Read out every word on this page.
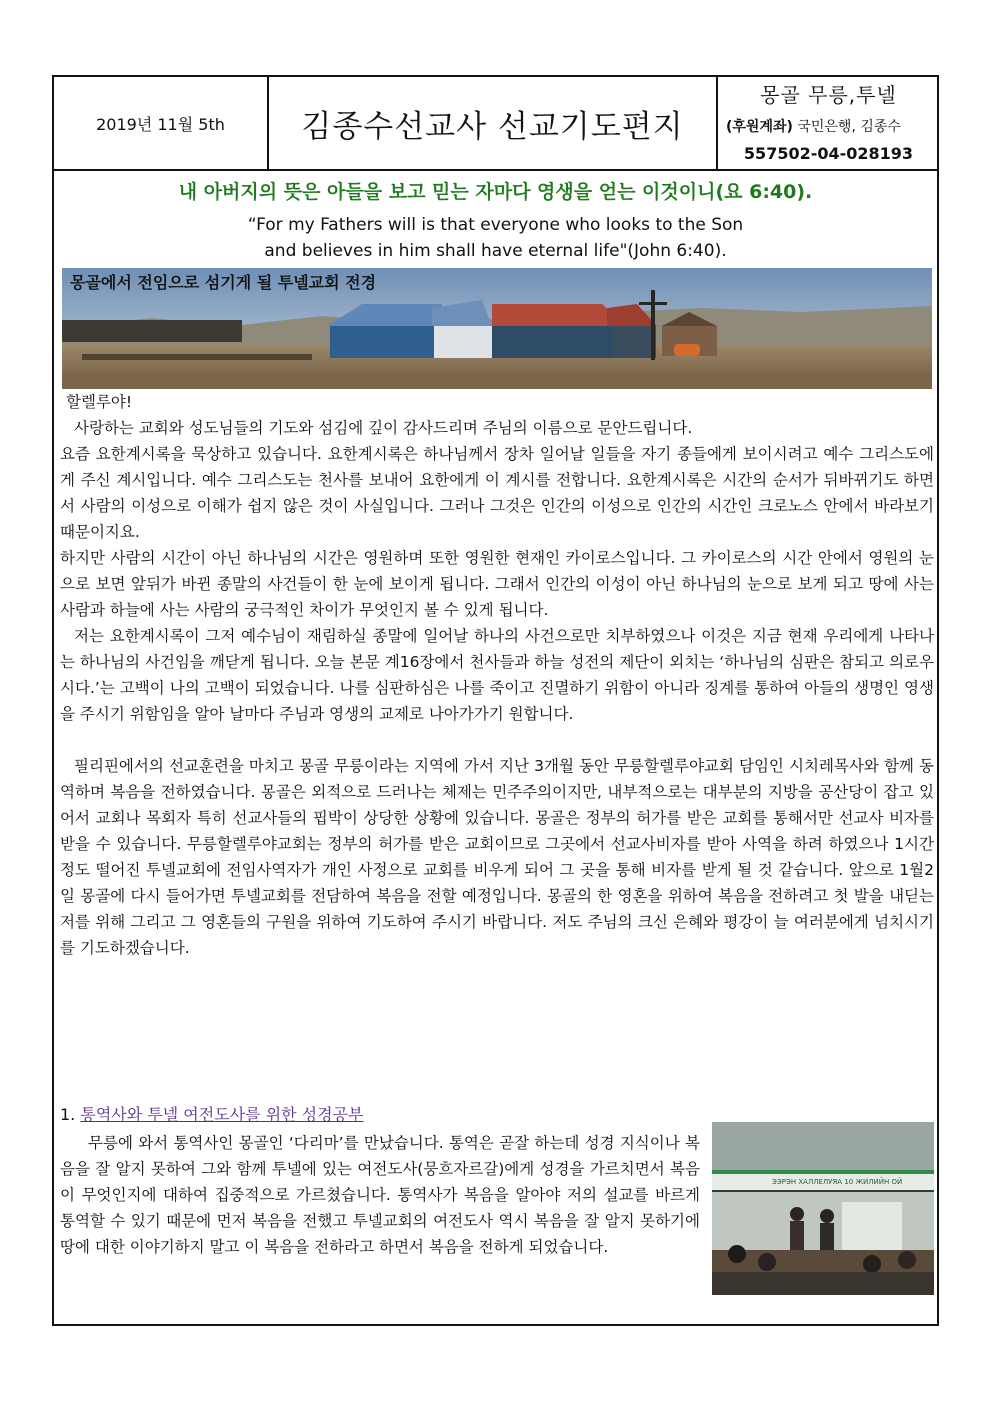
2019년 11월 5th	김종수선교사 선교기도편지
몽골 무릉,투넬
(후원계좌) 국민은행, 김종수
557502-04-028193
내 아버지의 뜻은 아들을 보고 믿는 자마다 영생을 얻는 이것이니(요 6:40).
“For my Fathers will is that everyone who looks to the Son
and believes in him shall have eternal life"(John 6:40).
몽골에서 전임으로 섬기게 될 투넬교회 전경

할렐루야!

사랑하는 교회와 성도님들의 기도와 섬김에 깊이 감사드리며 주님의 이름으로 문안드립니다.

요즘 요한계시록을 묵상하고 있습니다. 요한계시록은 하나님께서 장차 일어날 일들을 자기 종들에게 보이시려고 예수 그리스도에게 주신 계시입니다. 예수 그리스도는 천사를 보내어 요한에게 이 계시를 전합니다. 요한계시록은 시간의 순서가 뒤바뀌기도 하면서 사람의 이성으로 이해가 쉽지 않은 것이 사실입니다. 그러나 그것은 인간의 이성으로 인간의 시간인 크로노스 안에서 바라보기 때문이지요.

하지만 사람의 시간이 아닌 하나님의 시간은 영원하며 또한 영원한 현재인 카이로스입니다. 그 카이로스의 시간 안에서 영원의 눈으로 보면 앞뒤가 바뀐 종말의 사건들이 한 눈에 보이게 됩니다. 그래서 인간의 이성이 아닌 하나님의 눈으로 보게 되고 땅에 사는 사람과 하늘에 사는 사람의 궁극적인 차이가 무엇인지 볼 수 있게 됩니다.

저는 요한계시록이 그저 예수님이 재림하실 종말에 일어날 하나의 사건으로만 치부하였으나 이것은 지금 현재 우리에게 나타나는 하나님의 사건임을 깨닫게 됩니다. 오늘 본문 계16장에서 천사들과 하늘 성전의 제단이 외치는 ‘하나님의 심판은 참되고 의로우시다.’는 고백이 나의 고백이 되었습니다. 나를 심판하심은 나를 죽이고 진멸하기 위함이 아니라 징계를 통하여 아들의 생명인 영생을 주시기 위함임을 알아 날마다 주님과 영생의 교제로 나아가가기 원합니다.

필리핀에서의 선교훈련을 마치고 몽골 무릉이라는 지역에 가서 지난 3개월 동안 무릉할렐루야교회 담임인 시치레목사와 함께 동역하며 복음을 전하였습니다. 몽골은 외적으로 드러나는 체제는 민주주의이지만, 내부적으로는 대부분의 지방을 공산당이 잡고 있어서 교회나 목회자 특히 선교사들의 핍박이 상당한 상황에 있습니다. 몽골은 정부의 허가를 받은 교회를 통해서만 선교사 비자를 받을 수 있습니다. 무릉할렐루야교회는 정부의 허가를 받은 교회이므로 그곳에서 선교사비자를 받아 사역을 하려 하였으나 1시간 정도 떨어진 투넬교회에 전임사역자가 개인 사정으로 교회를 비우게 되어 그 곳을 통해 비자를 받게 될 것 같습니다. 앞으로 1월2일 몽골에 다시 들어가면 투넬교회를 전담하여 복음을 전할 예정입니다. 몽골의 한 영혼을 위하여 복음을 전하려고 첫 발을 내딛는 저를 위해 그리고 그 영혼들의 구원을 위하여 기도하여 주시기 바랍니다. 저도 주님의 크신 은혜와 평강이 늘 여러분에게 넘치시기를 기도하겠습니다.

1. 통역사와 투넬 여전도사를 위한 성경공부
무릉에 와서 통역사인 몽골인 ‘다리마’를 만났습니다. 통역은 곧잘 하는데 성경 지식이나 복음을 잘 알지 못하여 그와 함께 투넬에 있는 여전도사(뭉흐자르갈)에게 성경을 가르치면서 복음이 무엇인지에 대하여 집중적으로 가르쳤습니다. 통역사가 복음을 알아야 저의 설교를 바르게 통역할 수 있기 때문에 먼저 복음을 전했고 투넬교회의 여전도사 역시 복음을 잘 알지 못하기에 땅에 대한 이야기하지 말고 이 복음을 전하라고 하면서 복음을 전하게 되었습니다.
ЭЭРЭН ХАЛЛЕЛУЯА 10 ЖИЛИЙН ОЙ
